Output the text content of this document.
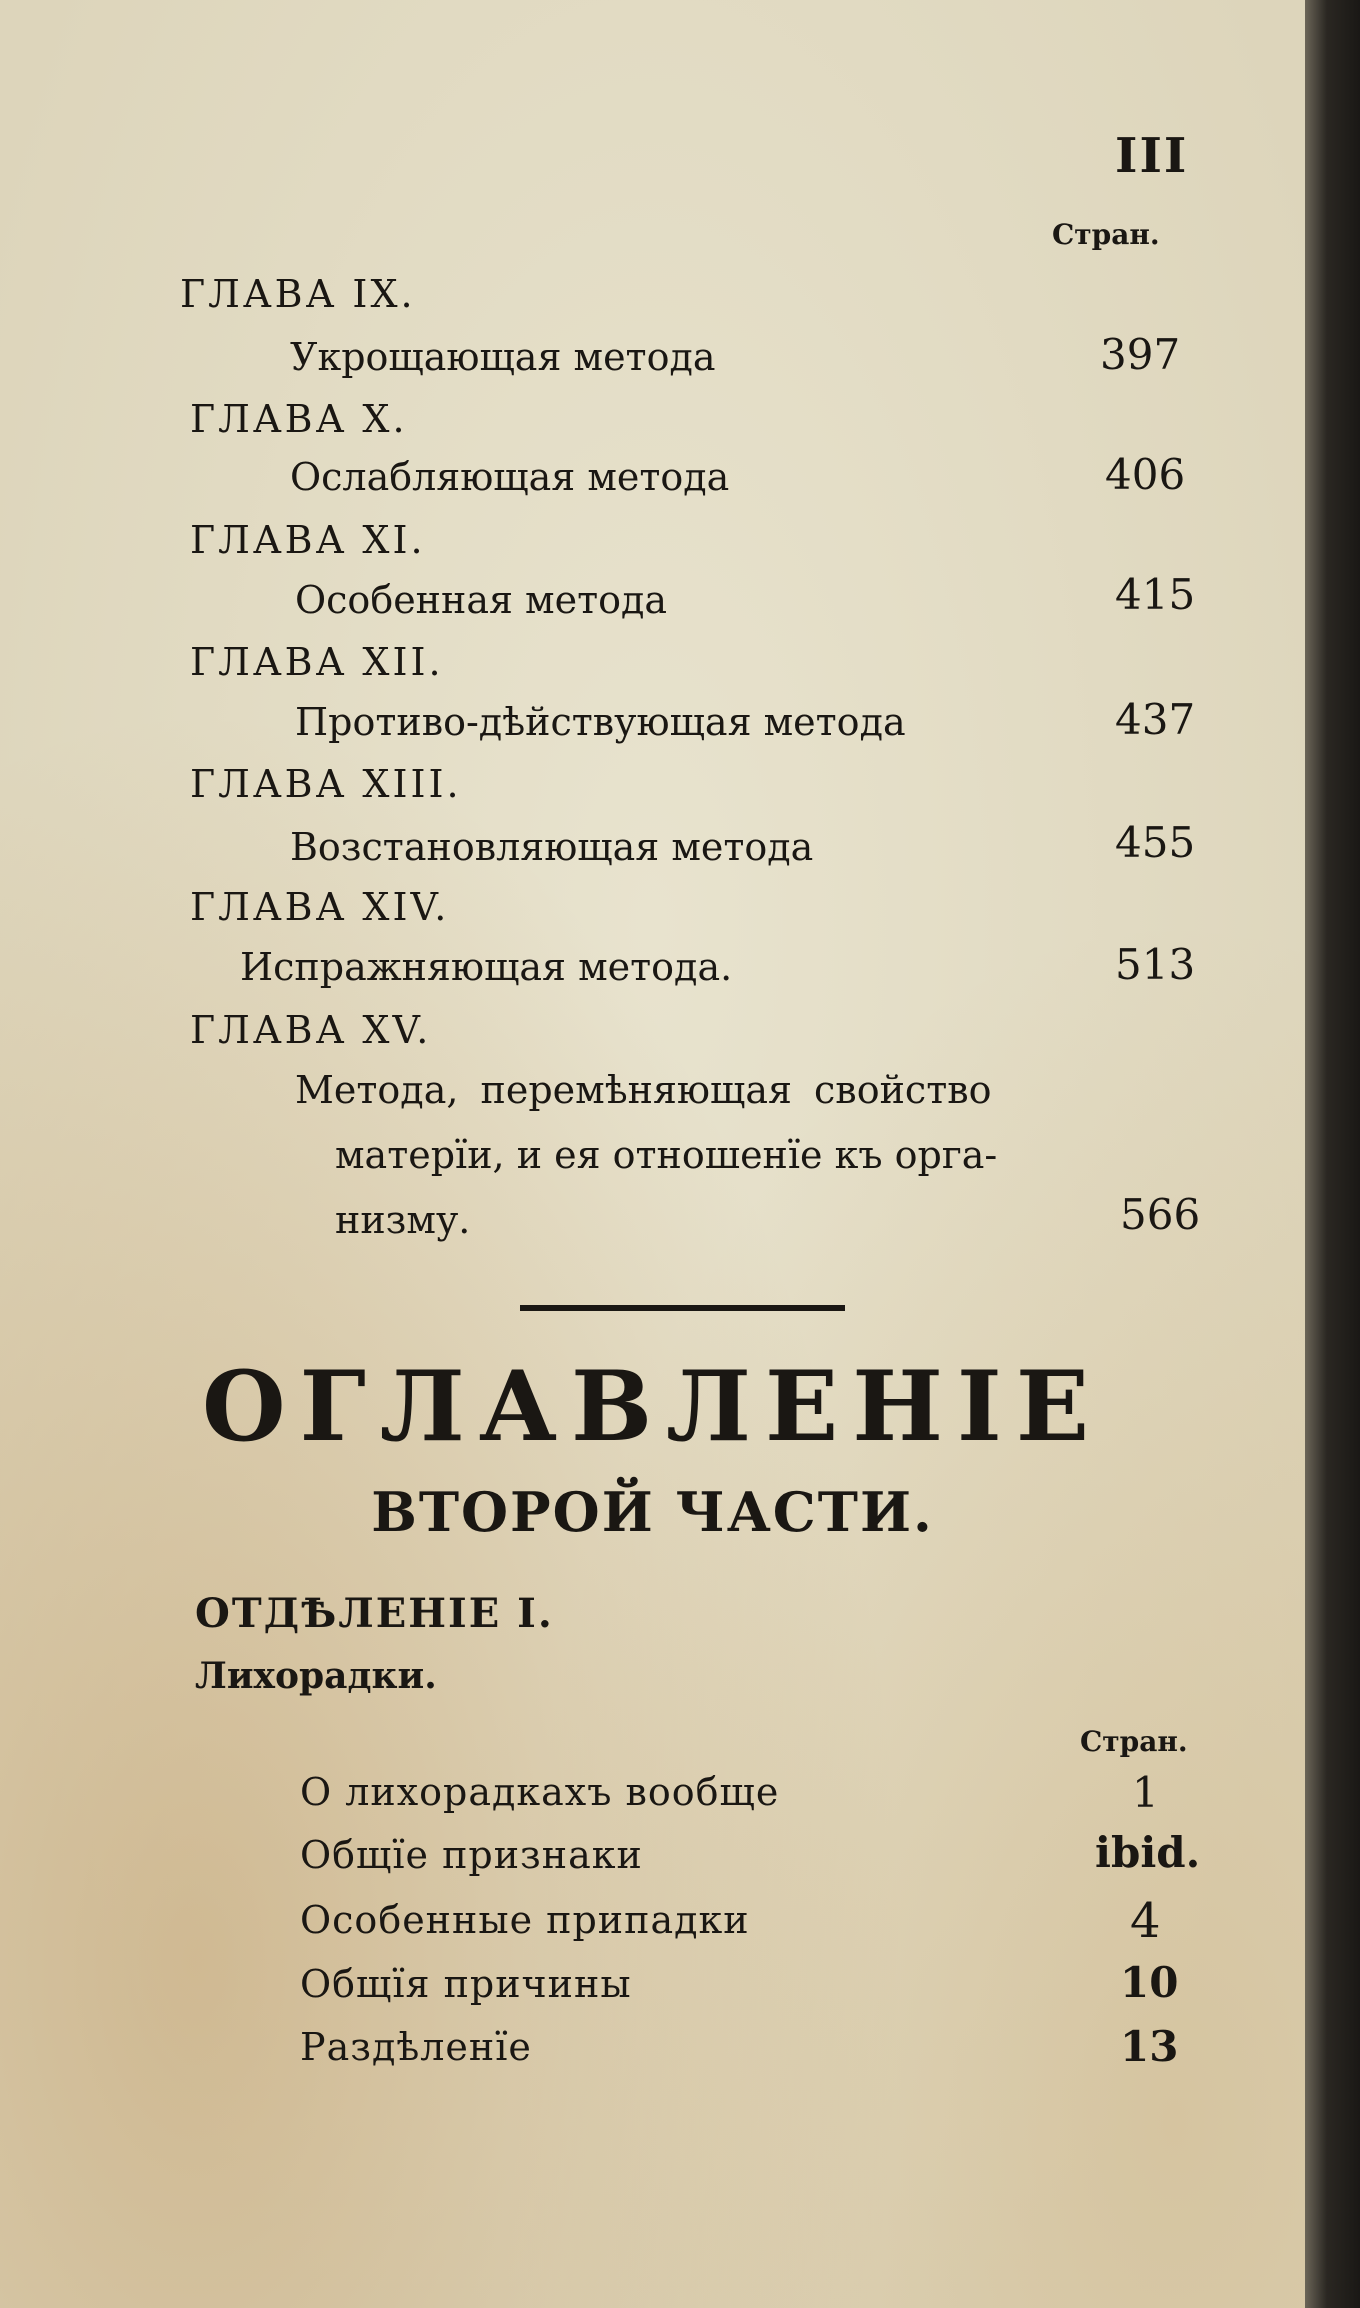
III
Стран.
ГЛАВА IX.
Укрощающая метода	397
ГЛАВА X.
Ослабляющая метода	406
ГЛАВА XI.
Особенная метода	415
ГЛАВА XII.
Противо-дѣйствующая метода	437
ГЛАВА XIII.
Возстановляющая метода	455
ГЛАВА XIV.
Испражняющая метода.	513
ГЛАВА XV.
Метода, перемѣняющая свойство
матерïи, и ея отношенïе къ орга-
низму.	566
ОГЛАВЛЕНIЕ
ВТОРОЙ ЧАСТИ.
ОТДѢЛЕНIЕ I.
Лихорадки.
Стран.
О лихорадкахъ вообще	1
Общïе признаки	ibid.
Особенные припадки	4
Общïя причины	10
Раздѣленïе	13
